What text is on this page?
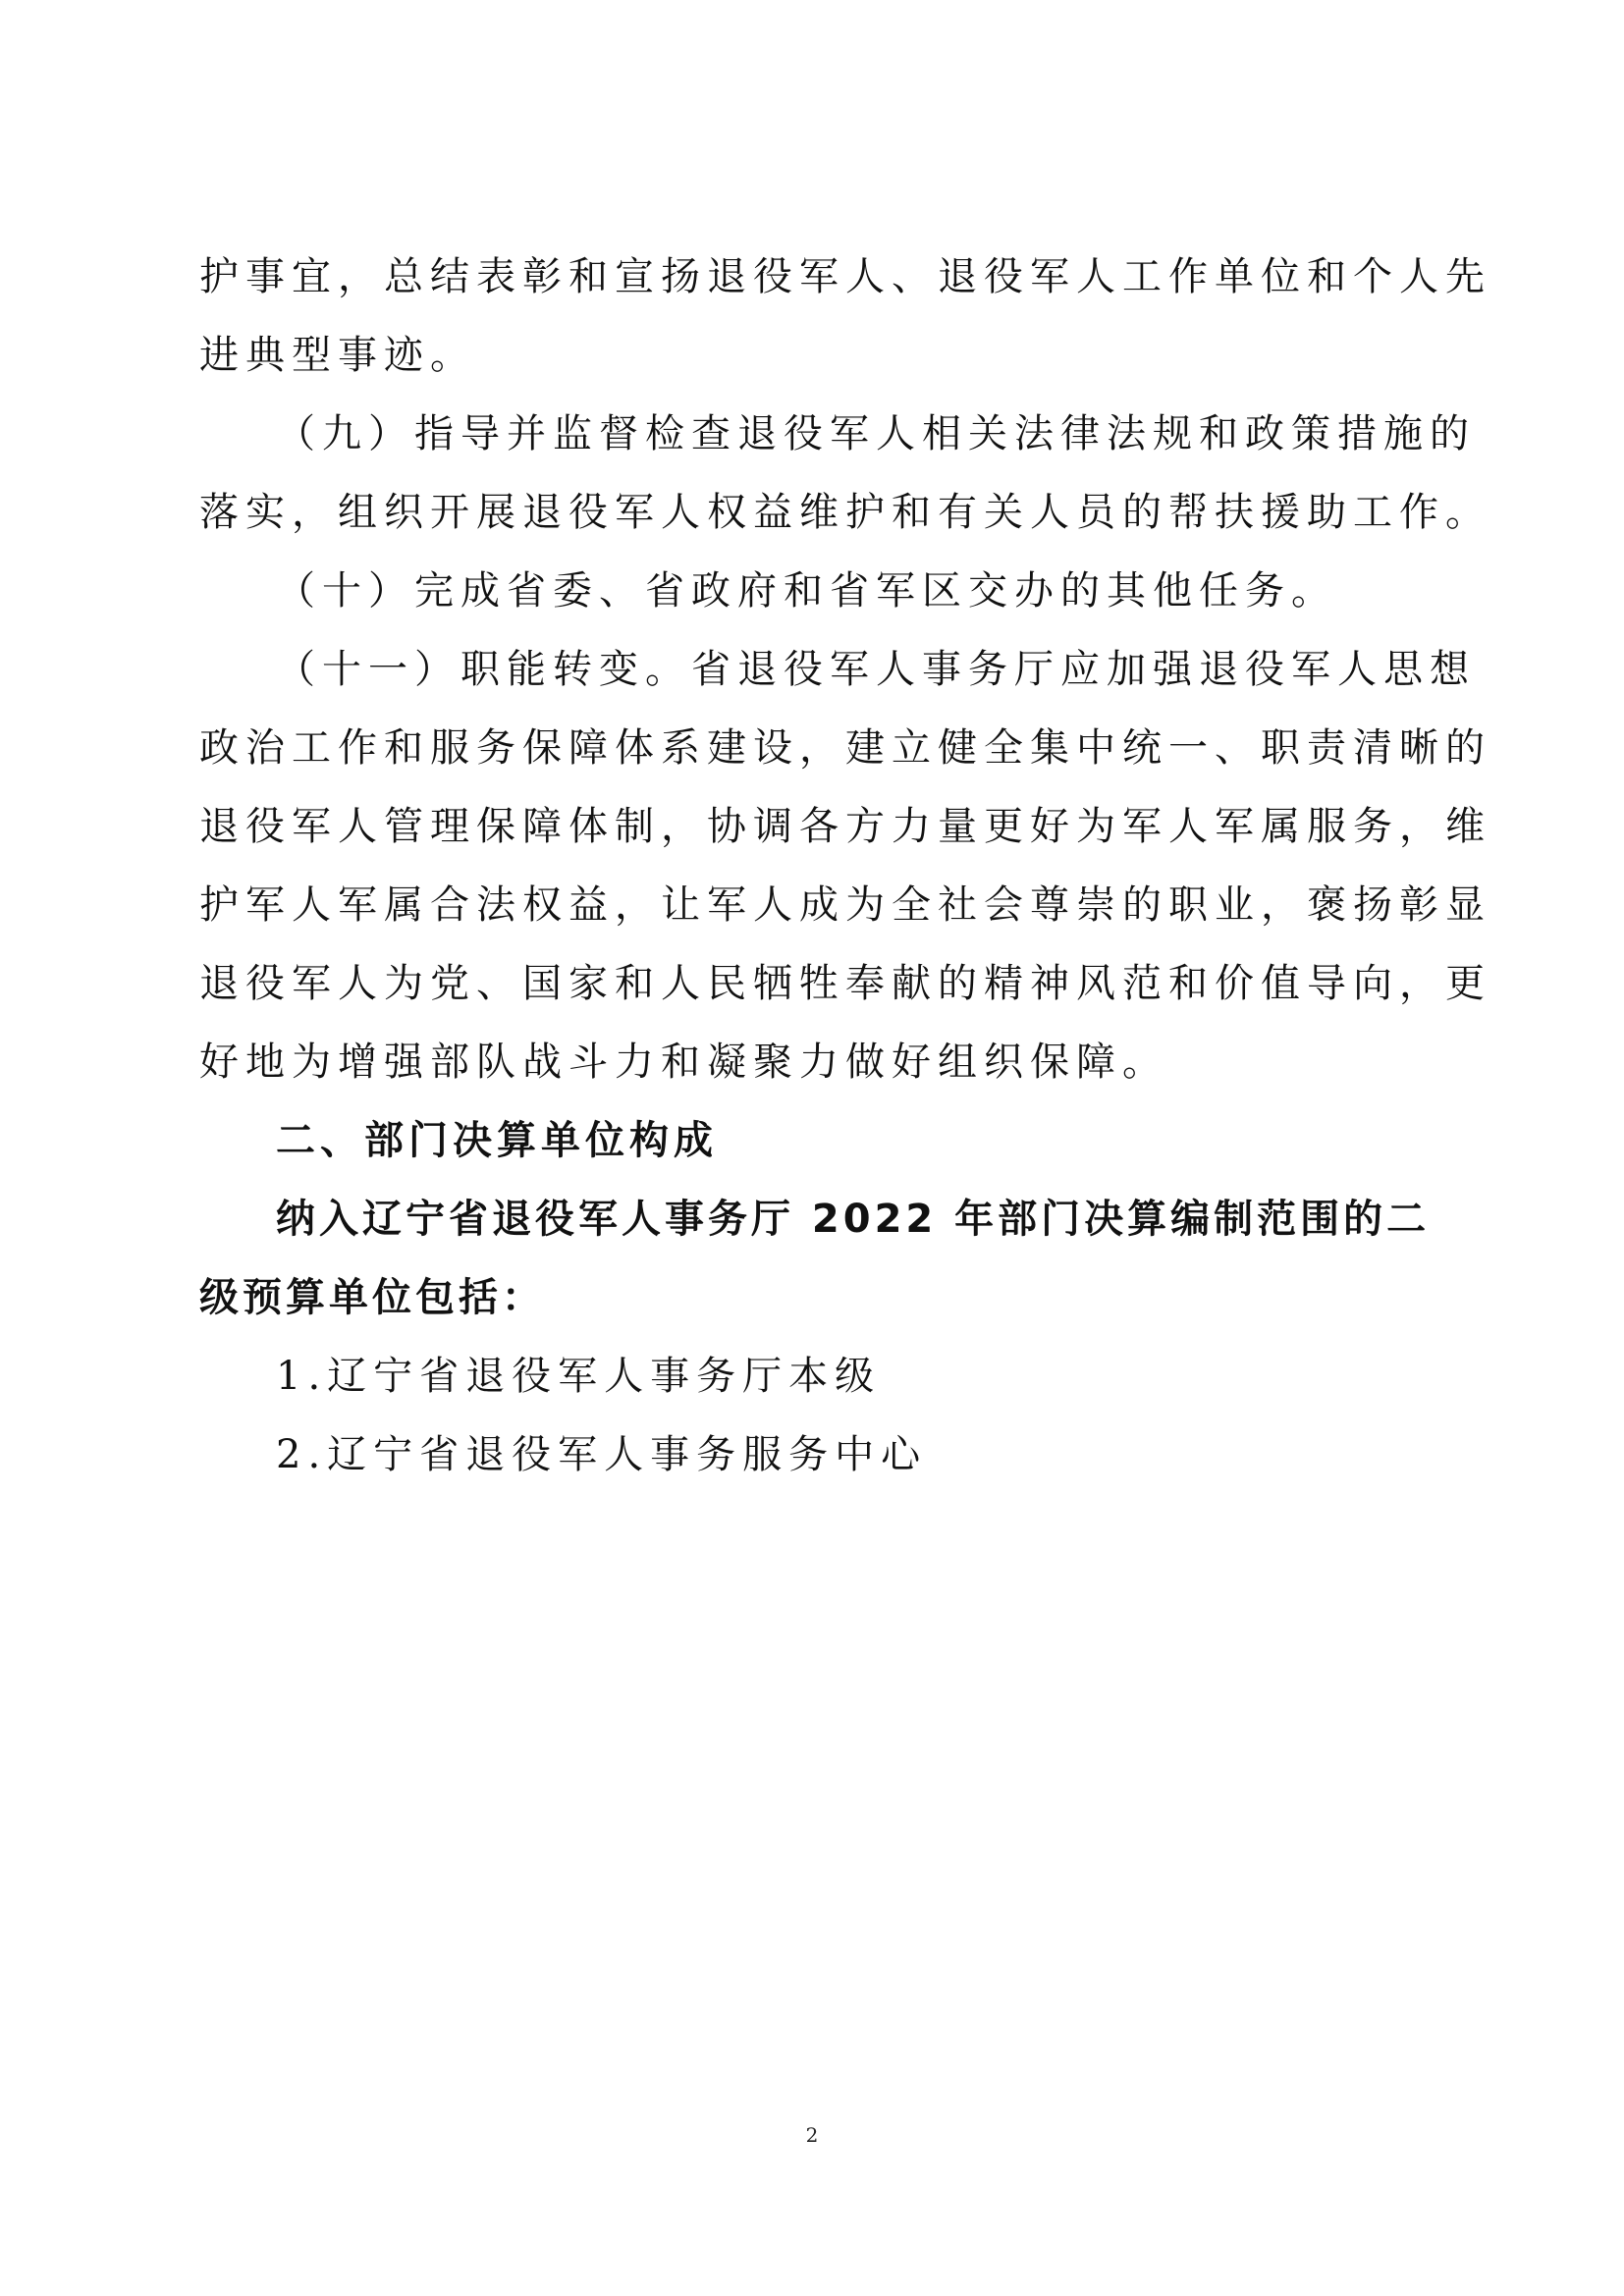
护事宜，总结表彰和宣扬退役军人、退役军人工作单位和个人先
进典型事迹。
（九）指导并监督检查退役军人相关法律法规和政策措施的
落实，组织开展退役军人权益维护和有关人员的帮扶援助工作。
（十）完成省委、省政府和省军区交办的其他任务。
（十一）职能转变。省退役军人事务厅应加强退役军人思想
政治工作和服务保障体系建设，建立健全集中统一、职责清晰的
退役军人管理保障体制，协调各方力量更好为军人军属服务，维
护军人军属合法权益，让军人成为全社会尊崇的职业，褒扬彰显
退役军人为党、国家和人民牺牲奉献的精神风范和价值导向，更
好地为增强部队战斗力和凝聚力做好组织保障。
二、部门决算单位构成
纳入辽宁省退役军人事务厅 2022 年部门决算编制范围的二
级预算单位包括：
1.辽宁省退役军人事务厅本级
2.辽宁省退役军人事务服务中心
2
